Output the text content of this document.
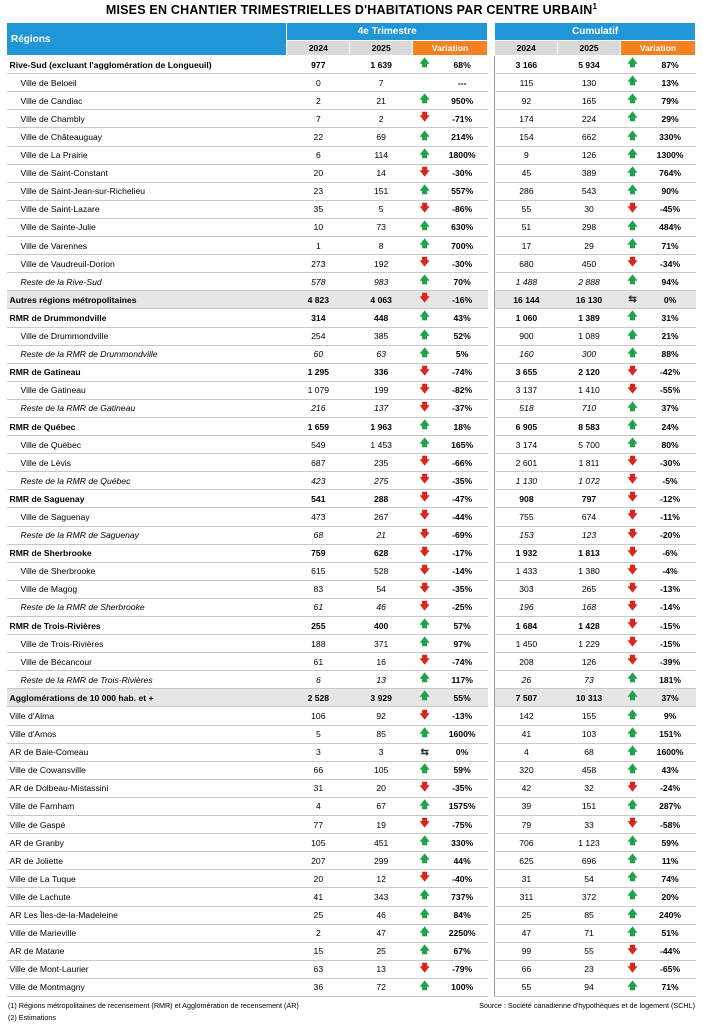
MISES EN CHANTIER TRIMESTRIELLES D'HABITATIONS PAR CENTRE URBAIN$^1$
Régions	4e Trimestre					Cumulatif			
	2024	2025	Variation			2024	2025	Variation	
Rive-Sud (excluant l'agglomération de Longueuil)	977	1 639	🡅	68%		3 166	5 934	🡅	87%
Ville de Beloeil	0	7		---		115	130	🡅	13%
Ville de Candiac	2	21	🡅	950%		92	165	🡅	79%
Ville de Chambly	7	2	🡇	-71%		174	224	🡅	29%
Ville de Châteauguay	22	69	🡅	214%		154	662	🡅	330%
Ville de La Prairie	6	114	🡅	1800%		9	126	🡅	1300%
Ville de Saint-Constant	20	14	🡇	-30%		45	389	🡅	764%
Ville de Saint-Jean-sur-Richelieu	23	151	🡅	557%		286	543	🡅	90%
Ville de Saint-Lazare	35	5	🡇	-86%		55	30	🡇	-45%
Ville de Sainte-Julie	10	73	🡅	630%		51	298	🡅	484%
Ville de Varennes	1	8	🡅	700%		17	29	🡅	71%
Ville de Vaudreuil-Dorion	273	192	🡇	-30%		680	450	🡇	-34%
Reste de la Rive-Sud	578	983	🡅	70%		1 488	2 888	🡅	94%
Autres régions métropolitaines	4 823	4 063	🡇	-16%		16 144	16 130	⇆	0%
RMR de Drummondville	314	448	🡅	43%		1 060	1 389	🡅	31%
Ville de Drummondville	254	385	🡅	52%		900	1 089	🡅	21%
Reste de la RMR de Drummondville	60	63	🡅	5%		160	300	🡅	88%
RMR de Gatineau	1 295	336	🡇	-74%		3 655	2 120	🡇	-42%
Ville de Gatineau	1 079	199	🡇	-82%		3 137	1 410	🡇	-55%
Reste de la RMR de Gatineau	216	137	🡇	-37%		518	710	🡅	37%
RMR de Québec	1 659	1 963	🡅	18%		6 905	8 583	🡅	24%
Ville de Québec	549	1 453	🡅	165%		3 174	5 700	🡅	80%
Ville de Lévis	687	235	🡇	-66%		2 601	1 811	🡇	-30%
Reste de la RMR de Québec	423	275	🡇	-35%		1 130	1 072	🡇	-5%
RMR de Saguenay	541	288	🡇	-47%		908	797	🡇	-12%
Ville de Saguenay	473	267	🡇	-44%		755	674	🡇	-11%
Reste de la RMR de Saguenay	68	21	🡇	-69%		153	123	🡇	-20%
RMR de Sherbrooke	759	628	🡇	-17%		1 932	1 813	🡇	-6%
Ville de Sherbrooke	615	528	🡇	-14%		1 433	1 380	🡇	-4%
Ville de Magog	83	54	🡇	-35%		303	265	🡇	-13%
Reste de la RMR de Sherbrooke	61	46	🡇	-25%		196	168	🡇	-14%
RMR de Trois-Rivières	255	400	🡅	57%		1 684	1 428	🡇	-15%
Ville de Trois-Rivières	188	371	🡅	97%		1 450	1 229	🡇	-15%
Ville de Bécancour	61	16	🡇	-74%		208	126	🡇	-39%
Reste de la RMR de Trois-Rivières	6	13	🡅	117%		26	73	🡅	181%
Agglomérations de 10 000 hab. et +	2 528	3 929	🡅	55%		7 507	10 313	🡅	37%
Ville d'Alma	106	92	🡇	-13%		142	155	🡅	9%
Ville d'Amos	5	85	🡅	1600%		41	103	🡅	151%
AR de Baie-Comeau	3	3	⇆	0%		4	68	🡅	1600%
Ville de Cowansville	66	105	🡅	59%		320	458	🡅	43%
AR de Dolbeau-Mistassini	31	20	🡇	-35%		42	32	🡇	-24%
Ville de Farnham	4	67	🡅	1575%		39	151	🡅	287%
Ville de Gaspé	77	19	🡇	-75%		79	33	🡇	-58%
AR de Granby	105	451	🡅	330%		706	1 123	🡅	59%
AR de Joliette	207	299	🡅	44%		625	696	🡅	11%
Ville de La Tuque	20	12	🡇	-40%		31	54	🡅	74%
Ville de Lachute	41	343	🡅	737%		311	372	🡅	20%
AR Les Îles-de-la-Madeleine	25	46	🡅	84%		25	85	🡅	240%
Ville de Marieville	2	47	🡅	2250%		47	71	🡅	51%
AR de Matane	15	25	🡅	67%		99	55	🡇	-44%
Ville de Mont-Laurier	63	13	🡇	-79%		66	23	🡇	-65%
Ville de Montmagny	36	72	🡅	100%		55	94	🡅	71%
(1) Régions métropolitaines de recensement (RMR) et Agglomération de recensement (AR)
(2) Estimations
Source : Société canadienne d'hypothèques et de logement (SCHL)
